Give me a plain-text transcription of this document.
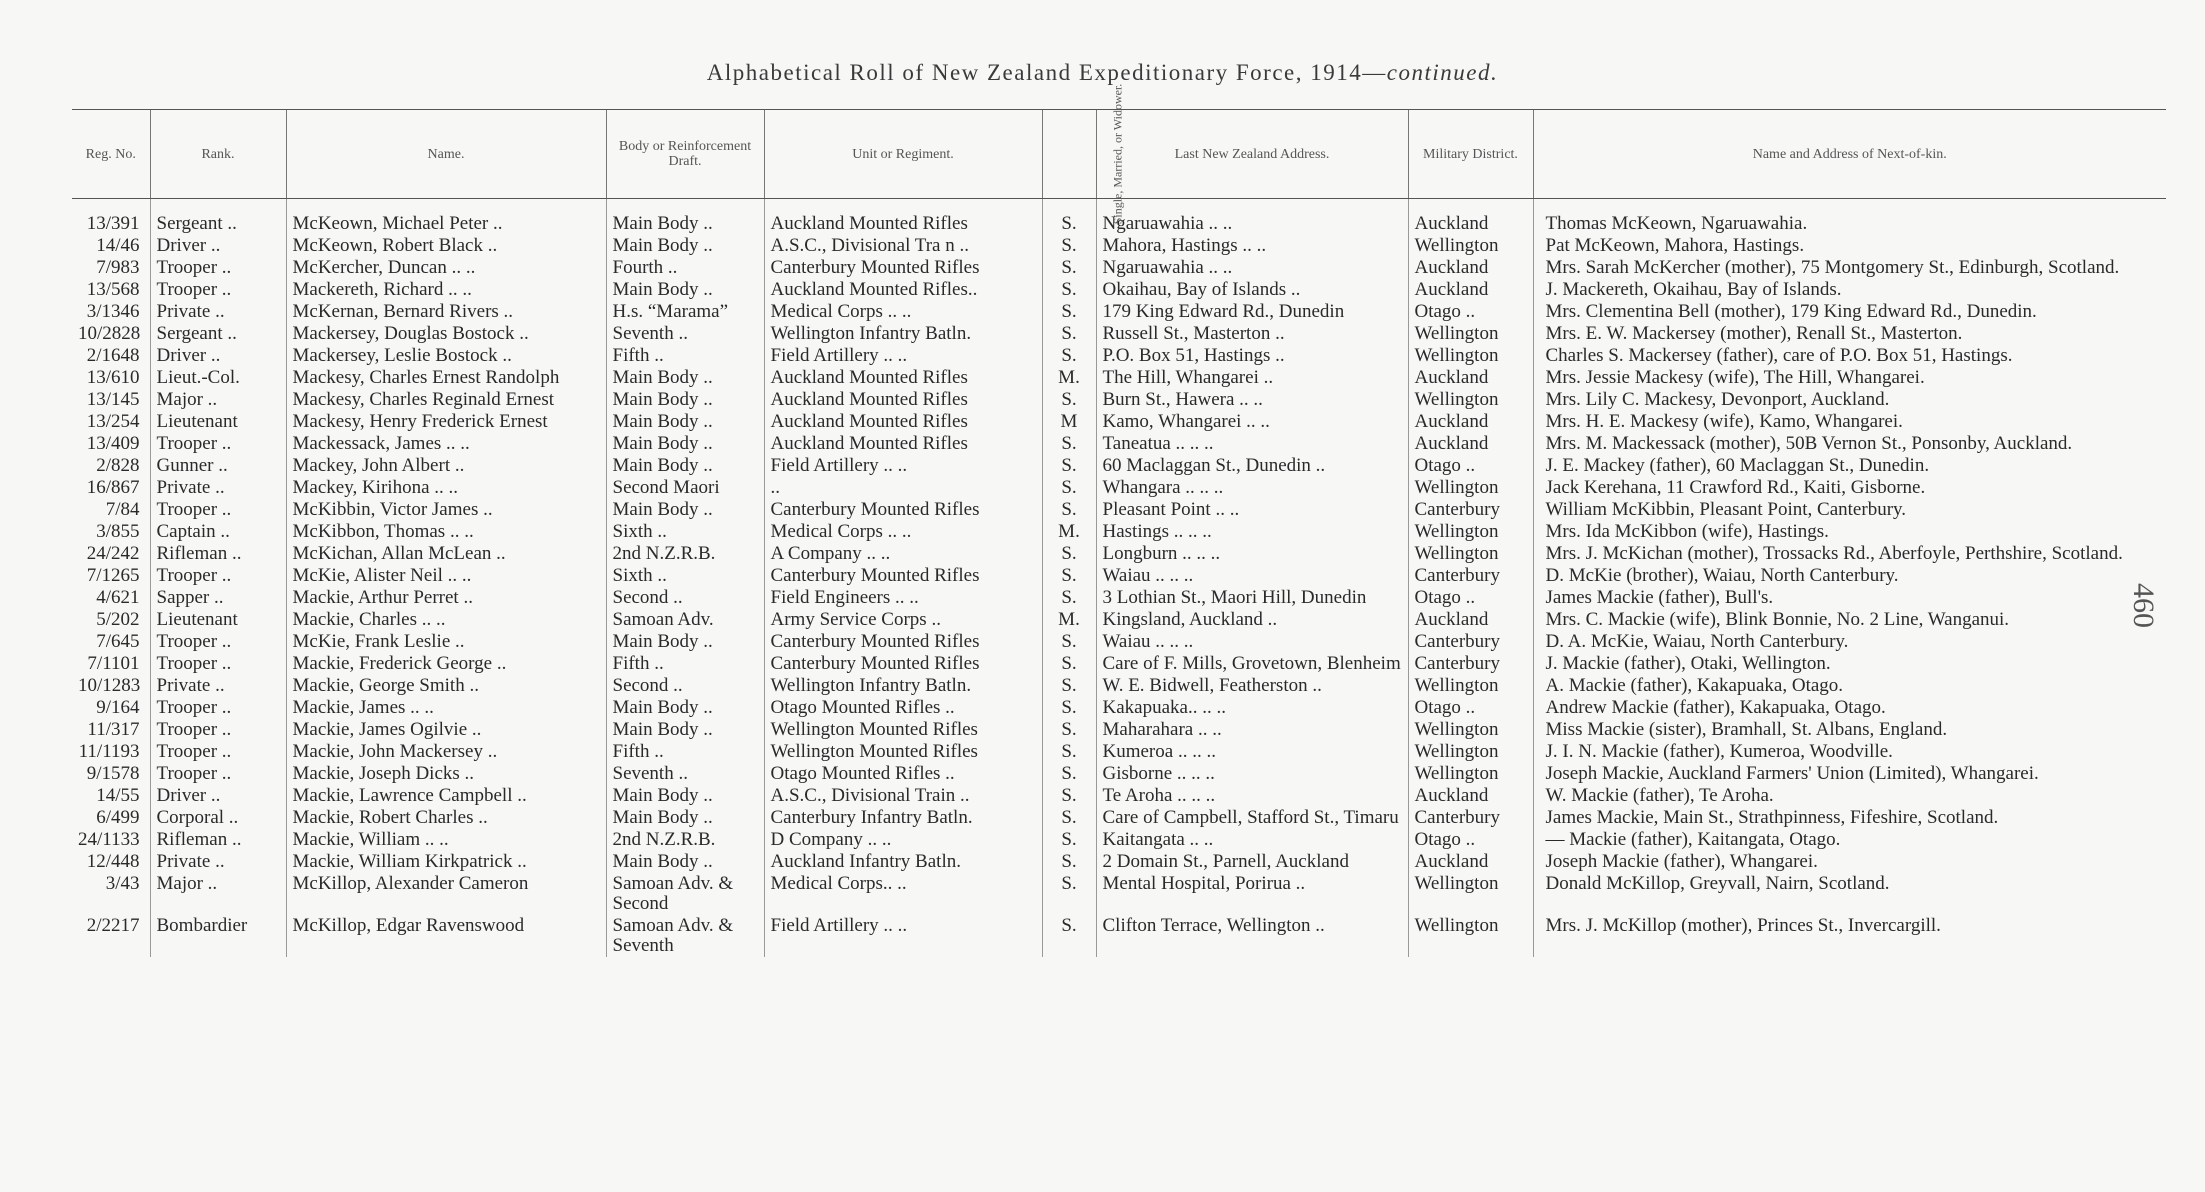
Alphabetical Roll of New Zealand Expeditionary Force, 1914—continued.
460
Reg. No.	Rank.	Name.	Body or Reinforcement Draft.	Unit or Regiment.	Single, Married, or Widower.	Last New Zealand Address.	Military District.	Name and Address of Next-of-kin.

13/391	Sergeant ..	McKeown, Michael Peter ..	Main Body ..	Auckland Mounted Rifles	S.	Ngaruawahia .. ..	Auckland	Thomas McKeown, Ngaruawahia.
14/46	Driver ..	McKeown, Robert Black ..	Main Body ..	A.S.C., Divisional Tra n ..	S.	Mahora, Hastings .. ..	Wellington	Pat McKeown, Mahora, Hastings.
7/983	Trooper ..	McKercher, Duncan .. ..	Fourth ..	Canterbury Mounted Rifles	S.	Ngaruawahia .. ..	Auckland	Mrs. Sarah McKercher (mother), 75 Montgomery St., Edinburgh, Scotland.
13/568	Trooper ..	Mackereth, Richard .. ..	Main Body ..	Auckland Mounted Rifles..	S.	Okaihau, Bay of Islands ..	Auckland	J. Mackereth, Okaihau, Bay of Islands.
3/1346	Private ..	McKernan, Bernard Rivers ..	H.s. “Marama”	Medical Corps .. ..	S.	179 King Edward Rd., Dunedin	Otago ..	Mrs. Clementina Bell (mother), 179 King Edward Rd., Dunedin.
10/2828	Sergeant ..	Mackersey, Douglas Bostock ..	Seventh ..	Wellington Infantry Batln.	S.	Russell St., Masterton ..	Wellington	Mrs. E. W. Mackersey (mother), Renall St., Masterton.
2/1648	Driver ..	Mackersey, Leslie Bostock ..	Fifth ..	Field Artillery .. ..	S.	P.O. Box 51, Hastings ..	Wellington	Charles S. Mackersey (father), care of P.O. Box 51, Hastings.
13/610	Lieut.-Col.	Mackesy, Charles Ernest Randolph	Main Body ..	Auckland Mounted Rifles	M.	The Hill, Whangarei ..	Auckland	Mrs. Jessie Mackesy (wife), The Hill, Whangarei.
13/145	Major ..	Mackesy, Charles Reginald Ernest	Main Body ..	Auckland Mounted Rifles	S.	Burn St., Hawera .. ..	Wellington	Mrs. Lily C. Mackesy, Devonport, Auckland.
13/254	Lieutenant	Mackesy, Henry Frederick Ernest	Main Body ..	Auckland Mounted Rifles	M	Kamo, Whangarei .. ..	Auckland	Mrs. H. E. Mackesy (wife), Kamo, Whangarei.
13/409	Trooper ..	Mackessack, James .. ..	Main Body ..	Auckland Mounted Rifles	S.	Taneatua .. .. ..	Auckland	Mrs. M. Mackessack (mother), 50B Vernon St., Ponsonby, Auckland.
2/828	Gunner ..	Mackey, John Albert ..	Main Body ..	Field Artillery .. ..	S.	60 Maclaggan St., Dunedin ..	Otago ..	J. E. Mackey (father), 60 Maclaggan St., Dunedin.
16/867	Private ..	Mackey, Kirihona .. ..	Second Maori	..	S.	Whangara .. .. ..	Wellington	Jack Kerehana, 11 Crawford Rd., Kaiti, Gisborne.
7/84	Trooper ..	McKibbin, Victor James ..	Main Body ..	Canterbury Mounted Rifles	S.	Pleasant Point .. ..	Canterbury	William McKibbin, Pleasant Point, Canterbury.
3/855	Captain ..	McKibbon, Thomas .. ..	Sixth ..	Medical Corps .. ..	M.	Hastings .. .. ..	Wellington	Mrs. Ida McKibbon (wife), Hastings.
24/242	Rifleman ..	McKichan, Allan McLean ..	2nd N.Z.R.B.	A Company .. ..	S.	Longburn .. .. ..	Wellington	Mrs. J. McKichan (mother), Trossacks Rd., Aberfoyle, Perthshire, Scotland.
7/1265	Trooper ..	McKie, Alister Neil .. ..	Sixth ..	Canterbury Mounted Rifles	S.	Waiau .. .. ..	Canterbury	D. McKie (brother), Waiau, North Canterbury.
4/621	Sapper ..	Mackie, Arthur Perret ..	Second ..	Field Engineers .. ..	S.	3 Lothian St., Maori Hill, Dunedin	Otago ..	James Mackie (father), Bull's.
5/202	Lieutenant	Mackie, Charles .. ..	Samoan Adv.	Army Service Corps ..	M.	Kingsland, Auckland ..	Auckland	Mrs. C. Mackie (wife), Blink Bonnie, No. 2 Line, Wanganui.
7/645	Trooper ..	McKie, Frank Leslie ..	Main Body ..	Canterbury Mounted Rifles	S.	Waiau .. .. ..	Canterbury	D. A. McKie, Waiau, North Canterbury.
7/1101	Trooper ..	Mackie, Frederick George ..	Fifth ..	Canterbury Mounted Rifles	S.	Care of F. Mills, Grovetown, Blenheim	Canterbury	J. Mackie (father), Otaki, Wellington.
10/1283	Private ..	Mackie, George Smith ..	Second ..	Wellington Infantry Batln.	S.	W. E. Bidwell, Featherston ..	Wellington	A. Mackie (father), Kakapuaka, Otago.
9/164	Trooper ..	Mackie, James .. ..	Main Body ..	Otago Mounted Rifles ..	S.	Kakapuaka.. .. ..	Otago ..	Andrew Mackie (father), Kakapuaka, Otago.
11/317	Trooper ..	Mackie, James Ogilvie ..	Main Body ..	Wellington Mounted Rifles	S.	Maharahara .. ..	Wellington	Miss Mackie (sister), Bramhall, St. Albans, England.
11/1193	Trooper ..	Mackie, John Mackersey ..	Fifth ..	Wellington Mounted Rifles	S.	Kumeroa .. .. ..	Wellington	J. I. N. Mackie (father), Kumeroa, Woodville.
9/1578	Trooper ..	Mackie, Joseph Dicks ..	Seventh ..	Otago Mounted Rifles ..	S.	Gisborne .. .. ..	Wellington	Joseph Mackie, Auckland Farmers' Union (Limited), Whangarei.
14/55	Driver ..	Mackie, Lawrence Campbell ..	Main Body ..	A.S.C., Divisional Train ..	S.	Te Aroha .. .. ..	Auckland	W. Mackie (father), Te Aroha.
6/499	Corporal ..	Mackie, Robert Charles ..	Main Body ..	Canterbury Infantry Batln.	S.	Care of Campbell, Stafford St., Timaru	Canterbury	James Mackie, Main St., Strathpinness, Fifeshire, Scotland.
24/1133	Rifleman ..	Mackie, William .. ..	2nd N.Z.R.B.	D Company .. ..	S.	Kaitangata .. ..	Otago ..	— Mackie (father), Kaitangata, Otago.
12/448	Private ..	Mackie, William Kirkpatrick ..	Main Body ..	Auckland Infantry Batln.	S.	2 Domain St., Parnell, Auckland	Auckland	Joseph Mackie (father), Whangarei.
3/43	Major ..	McKillop, Alexander Cameron	Samoan Adv. & Second	Medical Corps.. ..	S.	Mental Hospital, Porirua ..	Wellington	Donald McKillop, Greyvall, Nairn, Scotland.
2/2217	Bombardier	McKillop, Edgar Ravenswood	Samoan Adv. & Seventh	Field Artillery .. ..	S.	Clifton Terrace, Wellington ..	Wellington	Mrs. J. McKillop (mother), Princes St., Invercargill.
